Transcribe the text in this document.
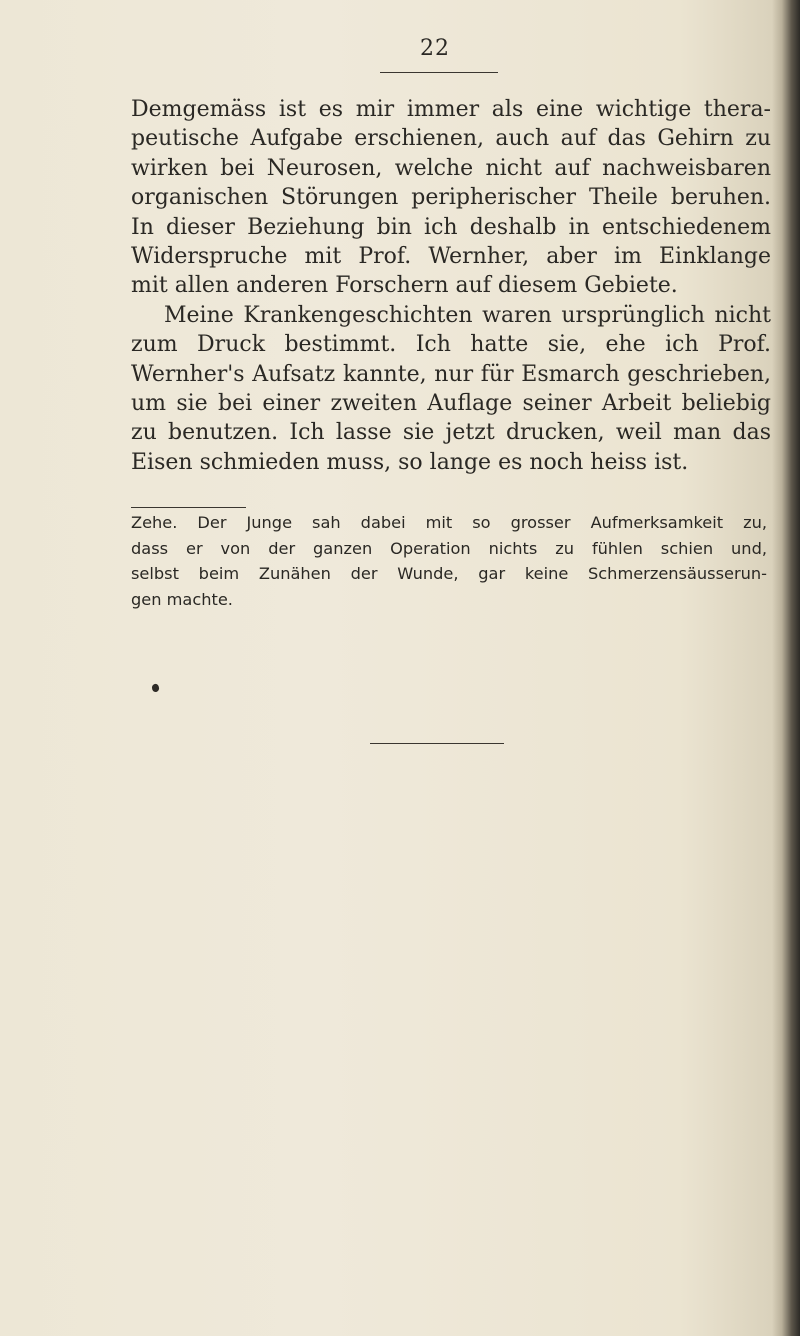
22
Demgemäss ist es mir immer als eine wichtige thera-
peutische Aufgabe erschienen, auch auf das Gehirn zu
wirken bei Neurosen, welche nicht auf nachweisbaren
organischen Störungen peripherischer Theile beruhen.
In dieser Beziehung bin ich deshalb in entschiedenem
Widerspruche mit Prof. Wernher, aber im Einklange
mit allen anderen Forschern auf diesem Gebiete.
Meine Krankengeschichten waren ursprünglich nicht
zum Druck bestimmt. Ich hatte sie, ehe ich Prof.
Wernher's Aufsatz kannte, nur für Esmarch geschrieben,
um sie bei einer zweiten Auflage seiner Arbeit beliebig
zu benutzen. Ich lasse sie jetzt drucken, weil man das
Eisen schmieden muss, so lange es noch heiss ist.
Zehe. Der Junge sah dabei mit so grosser Aufmerksamkeit zu,
dass er von der ganzen Operation nichts zu fühlen schien und,
selbst beim Zunähen der Wunde, gar keine Schmerzensäusserun-
gen machte.
